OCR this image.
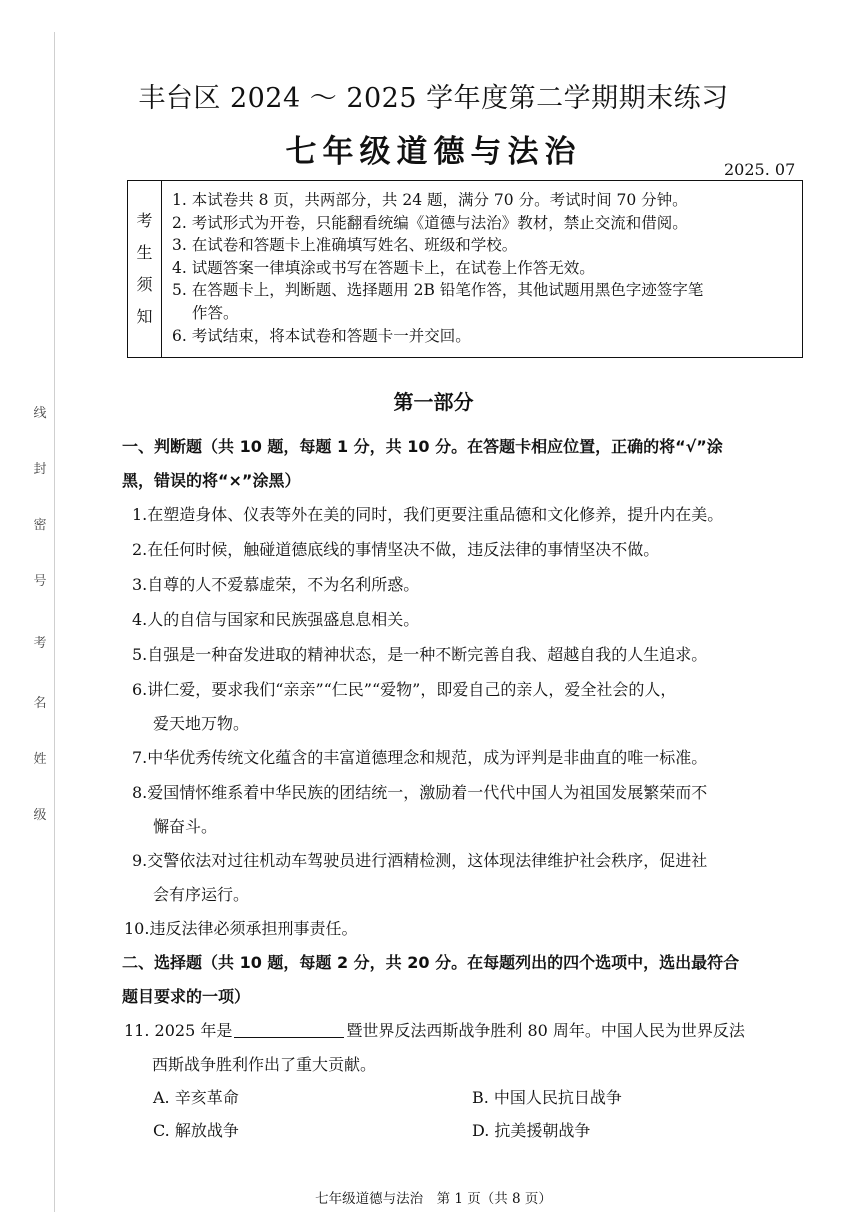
线
封
密
号
考
名
姓
级
丰台区 2024 ～ 2025 学年度第二学期期末练习
七年级道德与法治	2025. 07
考
生
须
知
1. 本试卷共 8 页，共两部分，共 24 题，满分 70 分。考试时间 70 分钟。
2. 考试形式为开卷，只能翻看统编《道德与法治》教材，禁止交流和借阅。
3. 在试卷和答题卡上准确填写姓名、班级和学校。
4. 试题答案一律填涂或书写在答题卡上，在试卷上作答无效。
5. 在答题卡上，判断题、选择题用 2B 铅笔作答，其他试题用黑色字迹签字笔
作答。
6. 考试结束，将本试卷和答题卡一并交回。
第一部分
一、判断题（共 10 题，每题 1 分，共 10 分。在答题卡相应位置，正确的将“√”涂
黑，错误的将“×”涂黑）
1.在塑造身体、仪表等外在美的同时，我们更要注重品德和文化修养，提升内在美。
2.在任何时候，触碰道德底线的事情坚决不做，违反法律的事情坚决不做。
3.自尊的人不爱慕虚荣，不为名利所惑。
4.人的自信与国家和民族强盛息息相关。
5.自强是一种奋发进取的精神状态，是一种不断完善自我、超越自我的人生追求。
6.讲仁爱，要求我们“亲亲”“仁民”“爱物”，即爱自己的亲人，爱全社会的人，
爱天地万物。
7.中华优秀传统文化蕴含的丰富道德理念和规范，成为评判是非曲直的唯一标准。
8.爱国情怀维系着中华民族的团结统一，激励着一代代中国人为祖国发展繁荣而不
懈奋斗。
9.交警依法对过往机动车驾驶员进行酒精检测，这体现法律维护社会秩序，促进社
会有序运行。
10.违反法律必须承担刑事责任。
二、选择题（共 10 题，每题 2 分，共 20 分。在每题列出的四个选项中，选出最符合
题目要求的一项）
11. 2025 年是	暨世界反法西斯战争胜利 80 周年。中国人民为世界反法
西斯战争胜利作出了重大贡献。
A. 辛亥革命	B. 中国人民抗日战争
C. 解放战争	D. 抗美援朝战争
七年级道德与法治　第 1 页（共 8 页）
